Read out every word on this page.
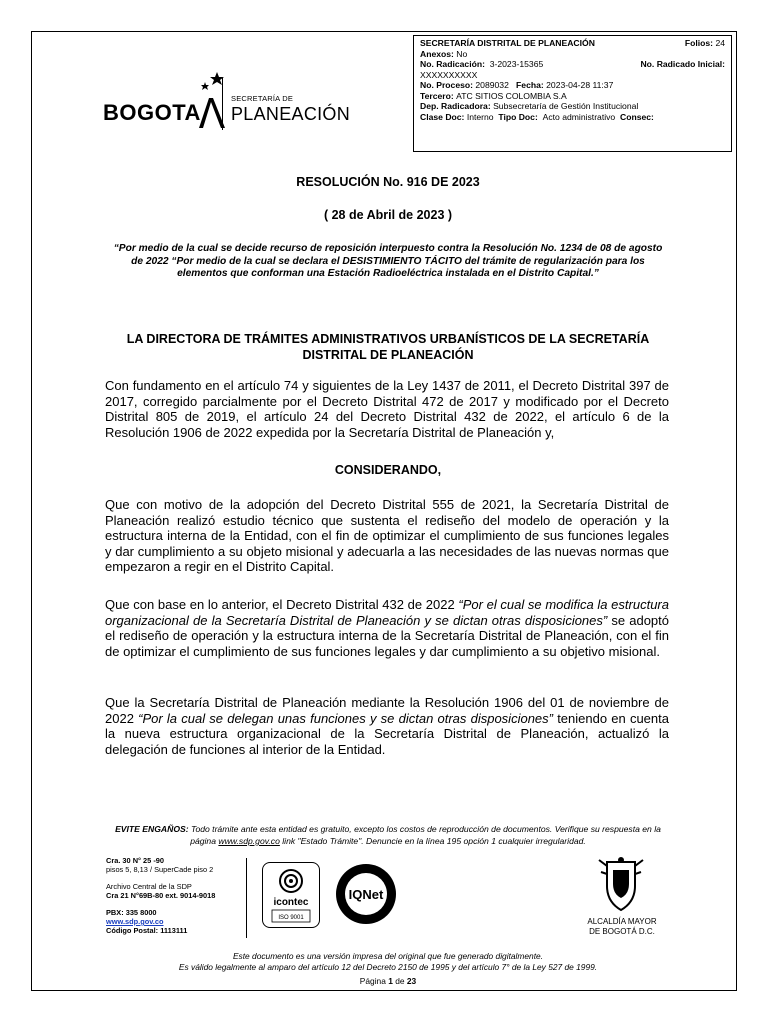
SECRETARÍA DISTRITAL DE PLANEACIÓN	Folios: 24
Anexos:
No
No. Radicación: 3-2023-15365	No. Radicado Inicial:
XXXXXXXXXX
No. Proceso:
2089032
Fecha:
2023-04-28 11:37
Tercero:
ATC SITIOS COLOMBIA S.A
Dep. Radicadora:
Subsecretaría de Gestión Institucional
Clase Doc:
Interno
Tipo Doc:
Acto administrativo
Consec:
BOGOTA
SECRETARÍA DE
PLANEACIÓN
RESOLUCIÓN No. 916 DE 2023
( 28 de Abril de 2023 )
“Por medio de la cual se decide recurso de reposición interpuesto contra la Resolución No. 1234 de 08 de agosto de 2022 “Por medio de la cual se declara el DESISTIMIENTO TÁCITO del trámite de regularización para los elementos que conforman una Estación Radioeléctrica instalada en el Distrito Capital.”
LA DIRECTORA DE TRÁMITES ADMINISTRATIVOS URBANÍSTICOS DE LA SECRETARÍA DISTRITAL DE PLANEACIÓN
Con fundamento en el artículo 74 y siguientes de la Ley 1437 de 2011, el Decreto Distrital 397 de 2017, corregido parcialmente por el Decreto Distrital 472 de 2017 y modificado por el Decreto Distrital 805 de 2019, el artículo 24 del Decreto Distrital 432 de 2022, el artículo 6 de la Resolución 1906 de 2022 expedida por la Secretaría Distrital de Planeación y,
CONSIDERANDO,
Que con motivo de la adopción del Decreto Distrital 555 de 2021, la Secretaría Distrital de Planeación realizó estudio técnico que sustenta el rediseño del modelo de operación y la estructura interna de la Entidad, con el fin de optimizar el cumplimiento de sus funciones legales y dar cumplimiento a su objeto misional y adecuarla a las necesidades de las nuevas normas que empezaron a regir en el Distrito Capital.
Que con base en lo anterior, el Decreto Distrital 432 de 2022 “Por el cual se modifica la estructura organizacional de la Secretaría Distrital de Planeación y se dictan otras disposiciones” se adoptó el rediseño de operación y la estructura interna de la Secretaría Distrital de Planeación, con el fin de optimizar el cumplimiento de sus funciones legales y dar cumplimiento a su objetivo misional.
Que la Secretaría Distrital de Planeación mediante la Resolución 1906 del 01 de noviembre de 2022 “Por la cual se delegan unas funciones y se dictan otras disposiciones” teniendo en cuenta la nueva estructura organizacional de la Secretaría Distrital de Planeación, actualizó la delegación de funciones al interior de la Entidad.
EVITE ENGAÑOS: Todo trámite ante esta entidad es gratuito, excepto los costos de reproducción de documentos. Verifique su respuesta en la página www.sdp.gov.co link "Estado Trámite". Denuncie en la línea 195 opción 1 cualquier irregularidad.
Cra. 30 N° 25 -90
pisos 5, 8,13 / SuperCade piso 2
Archivo Central de la SDP
Cra 21 N°69B-80 ext. 9014-9018
PBX: 335 8000
www.sdp.gov.co
Código Postal: 1113111
icontec
ISO 9001
IQNet
ALCALDÍA MAYOR
DE BOGOTÁ D.C.
Este documento es una versión impresa del original que fue generado digitalmente.
Es válido legalmente al amparo del artículo 12 del Decreto 2150 de 1995 y del artículo 7° de la Ley 527 de 1999.
Página 1 de 23
